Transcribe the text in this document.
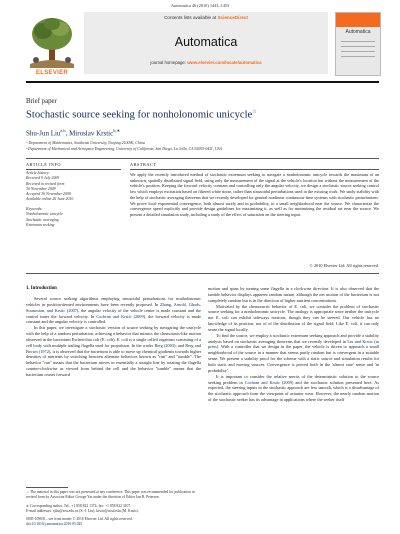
Automatica 46 (2010) 1443–1453
ELSEVIER
Contents lists available at ScienceDirect
Automatica
journal homepage: www.elsevier.com/locate/automatica
Automatica
Brief paper
Stochastic source seeking for nonholonomic unicycle☆
Shu-Jun Liu$^{a,b}$, Miroslav Krstic$^{b,∗}$
ᵃ Department of Mathematics, Southeast University, Nanjing 210096, China
ᵇ Department of Mechanical and Aerospace Engineering, University of California, San Diego, La Jolla, CA 92093-0411, USA
ARTICLE INFO
Article history:
Received 9 July 2009
Received in revised form
30 November 2009
Accepted 30 November 2009
Available online 26 June 2010
Keywords:
Nonholonomic unicycle
Stochastic averaging
Extremum seeking
ABSTRACT
We apply the recently introduced method of stochastic extremum seeking to navigate a nonholonomic unicycle towards the maximum of an unknown, spatially distributed signal field, using only the measurement of the signal at the vehicle's location but without the measurement of the vehicle's position. Keeping the forward velocity constant and controlling only the angular velocity, we design a stochastic source seeking control law which employs excitation based on filtered white noise, rather than sinusoidal perturbations used in the existing work. We study stability with the help of stochastic averaging theorems that we recently developed for general nonlinear continuous-time systems with stochastic perturbations. We prove local exponential convergence, both almost surely and in probability, to a small neighborhood near the source. We characterize the convergence speed explicitly and provide design guidelines for maximizing it, as well as for minimizing the residual set near the source. We present a detailed simulation study, including a study of the effect of saturation on the steering input.
© 2010 Elsevier Ltd. All rights reserved.
1. Introduction

Several source seeking algorithms employing sinusoidal perturbations for nonholonomic vehicles in position-denied environments have been recently proposed. In Zhang, Arnold, Ghods, Siranosian, and Krstic (2007), the angular velocity of the vehicle center is made constant and the control tunes the forward velocity. In Cochran and Krstic (2009), the forward velocity is made constant and the angular velocity is controlled.

In this paper, we investigate a stochastic version of source seeking by navigating the unicycle with the help of a random perturbation, achieving a behavior that mimics the chemotaxis-like motion observed in the bacterium Escherichia coli (E. coli). E. coli is a single celled organism consisting of a cell body with multiple trailing flagella used for propulsion. In the works Berg (2003); and Berg and Brown (1972), it is observed that the bacterium is able to move up chemical gradients towards higher densities of nutrients by switching between alternate behaviors known as "run" and "tumble". The behavior "run" means that the bacterium moves in essentially a straight line by rotating the flagella counter-clockwise as viewed from behind the cell and the behavior "tumble" means that the bacterium ceases forward

motion and spins by turning some flagella in a clockwise direction. It is also observed that the tumble behavior displays apparent random nature, although the net motion of the bacterium is not completely random but is in the direction of higher nutrient concentrations.

Motivated by the chemotactic behavior of E. coli, we consider the problem of stochastic source seeking for a nonholonomic unicycle. The analogy is appropriate since neither the unicycle nor E. coli can exhibit sideways motions, though they can be steered. Our vehicle has no knowledge of its position, nor of of the distribution of the signal field. Like E. coli, it can only sense the signal locally.

To find the source, we employ a stochastic extremum seeking approach and provide a stability analysis based on stochastic averaging theorems that we recently developed in Liu and Krstic (in press). With a controller that we design in the paper, the vehicle is driven to approach a small neighborhood of the source in a manner that seems partly random but is convergent in a suitable sense. We present a stability proof for the scheme with a static source and simulation results for both static and moving sources. Convergence is proved both in the 'almost sure' sense and 'in probability'.

It is important to consider the relative merits of the deterministic solution to the source seeking problem in Cochran and Krstic (2009) and the stochastic solution presented here. As expected, the steering inputs in the stochastic approach are less smooth, which is a disadvantage of the stochastic approach from the viewpoint of actuator wear. However, the nearly random motion of the stochastic seeker has its advantage in applications where the seeker itself

☆ The material in this paper was not presented at any conference. This paper was recommended for publication in revised form by Associate Editor George Yin under the direction of Editor Ian R. Petersen.
∗ Corresponding author. Tel.: +1 858 822 1374; fax: +1 858 822 3107.
E-mail addresses: sjliu@seu.edu.cn (S.-J. Liu), krstic@ucsd.edu (M. Krstic).
0005-1098/$ – see front matter © 2010 Elsevier Ltd. All rights reserved.
doi:10.1016/j.automatica.2010.05.025
